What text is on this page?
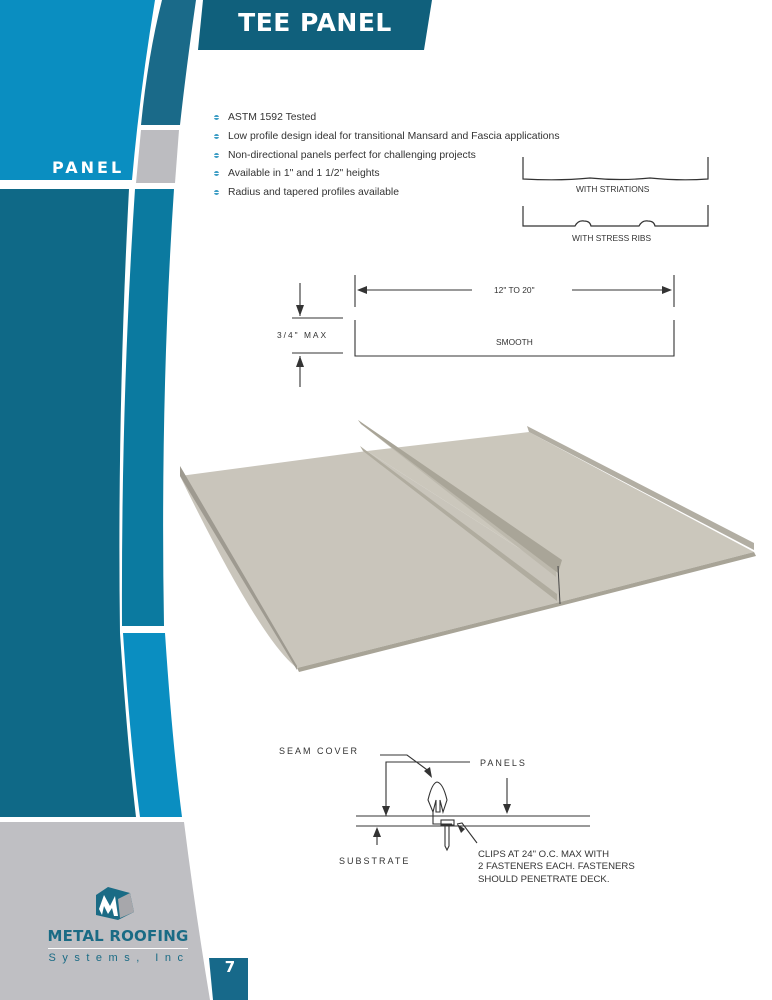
TEE PANEL
PANEL
ASTM 1592 Tested
Low profile design ideal for transitional Mansard and Fascia applications
Non-directional panels perfect for challenging projects
Available in 1" and 1 1/2" heights
Radius and tapered profiles available	WITH STRIATIONS
WITH STRESS RIBS
12" TO 20"
3/4" MAX
SMOOTH
SEAM COVER
PANELS
SUBSTRATE
CLIPS AT 24" O.C. MAX WITH
2 FASTENERS EACH. FASTENERS
SHOULD PENETRATE DECK.
METAL ROOFING
Systems, Inc	7
